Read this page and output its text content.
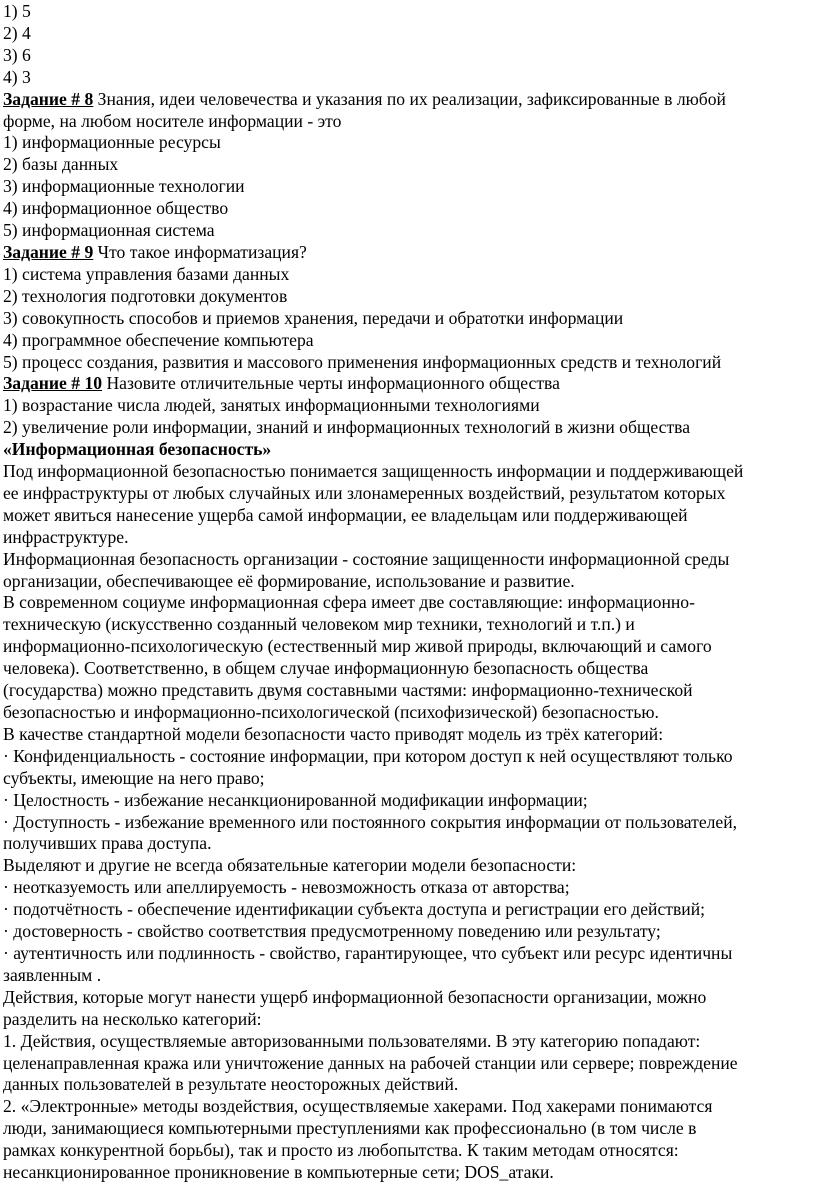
1) 5

2) 4

3) 6

4) 3

Задание # 8 Знания, идеи человечества и указания по их реализации, зафиксированные в любой

форме, на любом носителе информации - это

1) информационные ресурсы

2) базы данных

3) информационные технологии

4) информационное общество

5) информационная система

Задание # 9 Что такое информатизация?

1) система управления базами данных

2) технология подготовки документов

3) совокупность способов и приемов хранения, передачи и обратотки информации

4) программное обеспечение компьютера

5) процесс создания, развития и массового применения информационных средств и технологий

Задание # 10 Назовите отличительные черты информационного общества

1) возрастание числа людей, занятых информационными технологиями

2) увеличение роли информации, знаний и информационных технологий в жизни общества

«Информационная безопасность»

Под информационной безопасностью понимается защищенность информации и поддерживающей

ее инфраструктуры от любых случайных или злонамеренных воздействий, результатом которых

может явиться нанесение ущерба самой информации, ее владельцам или поддерживающей

инфраструктуре.

Информационная безопасность организации - состояние защищенности информационной среды

организации, обеспечивающее её формирование, использование и развитие.

В современном социуме информационная сфера имеет две составляющие: информационно-

техническую (искусственно созданный человеком мир техники, технологий и т.п.) и

информационно-психологическую (естественный мир живой природы, включающий и самого

человека). Соответственно, в общем случае информационную безопасность общества

(государства) можно представить двумя составными частями: информационно-технической

безопасностью и информационно-психологической (психофизической) безопасностью.

В качестве стандартной модели безопасности часто приводят модель из трёх категорий:

· Конфиденциальность - состояние информации, при котором доступ к ней осуществляют только

субъекты, имеющие на него право;

· Целостность - избежание несанкционированной модификации информации;

· Доступность - избежание временного или постоянного сокрытия информации от пользователей,

получивших права доступа.

Выделяют и другие не всегда обязательные категории модели безопасности:

· неотказуемость или апеллируемость - невозможность отказа от авторства;

· подотчётность - обеспечение идентификации субъекта доступа и регистрации его действий;

· достоверность - свойство соответствия предусмотренному поведению или результату;

· аутентичность или подлинность - свойство, гарантирующее, что субъект или ресурс идентичны

заявленным .

Действия, которые могут нанести ущерб информационной безопасности организации, можно

разделить на несколько категорий:

1. Действия, осуществляемые авторизованными пользователями. В эту категорию попадают:

целенаправленная кража или уничтожение данных на рабочей станции или сервере; повреждение

данных пользователей в результате неосторожных действий.

2. «Электронные» методы воздействия, осуществляемые хакерами. Под хакерами понимаются

люди, занимающиеся компьютерными преступлениями как профессионально (в том числе в

рамках конкурентной борьбы), так и просто из любопытства. К таким методам относятся:

несанкционированное проникновение в компьютерные сети; DOS_атаки.
